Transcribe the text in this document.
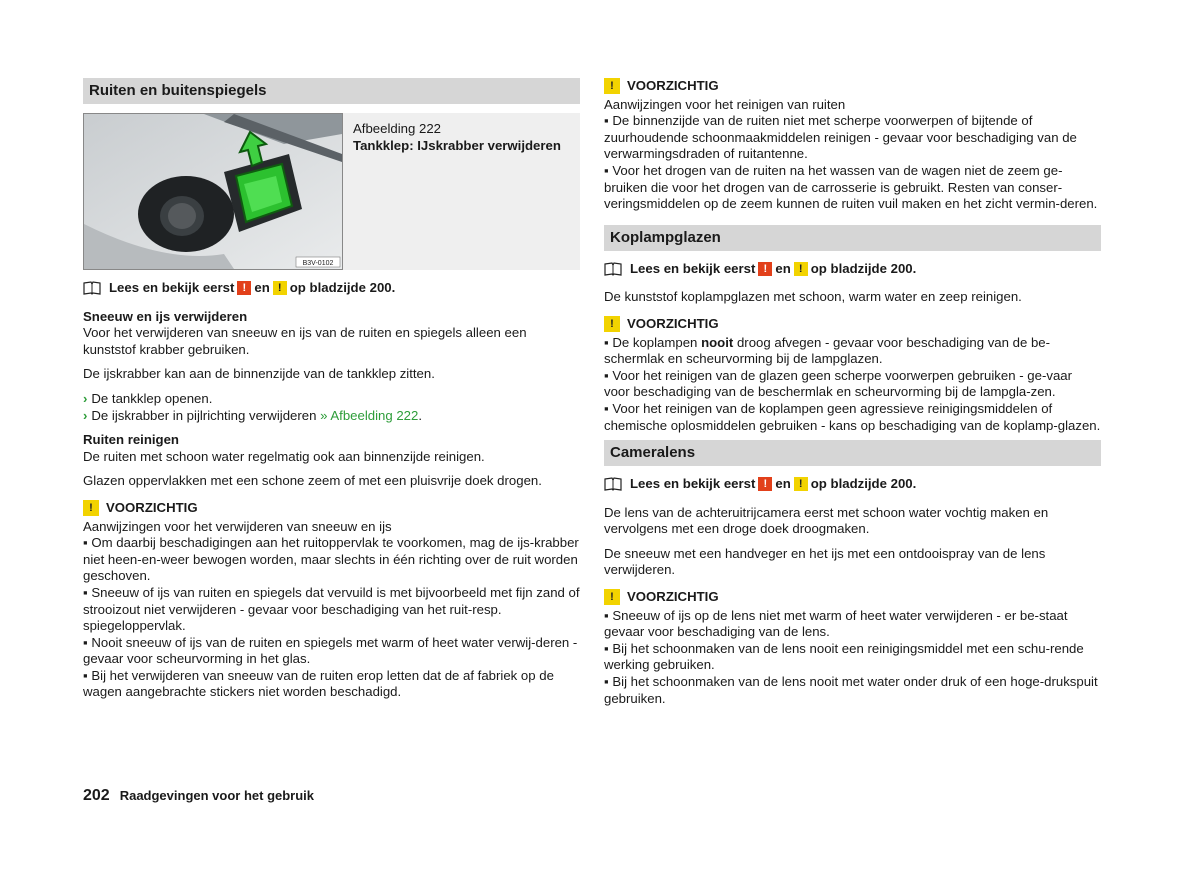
Ruiten en buitenspiegels
B3V-0102
Afbeelding 222
Tankklep: IJskrabber verwijderen
Lees en bekijk eerst ! en ! op bladzijde 200.

Sneeuw en ijs verwijderen

Voor het verwijderen van sneeuw en ijs van de ruiten en spiegels alleen een kunststof krabber gebruiken.

De ijskrabber kan aan de binnenzijde van de tankklep zitten.

› De tankklep openen.
› De ijskrabber in pijlrichting verwijderen » Afbeelding 222.

Ruiten reinigen

De ruiten met schoon water regelmatig ook aan binnenzijde reinigen.

Glazen oppervlakken met een schone zeem of met een pluisvrije doek drogen.

! VOORZICHTIG

Aanwijzingen voor het verwijderen van sneeuw en ijs

▪ Om daarbij beschadigingen aan het ruitoppervlak te voorkomen, mag de ijs-krabber niet heen-en-weer bewogen worden, maar slechts in één richting over de ruit worden geschoven.
▪ Sneeuw of ijs van ruiten en spiegels dat vervuild is met bijvoorbeeld met fijn zand of strooizout niet verwijderen - gevaar voor beschadiging van het ruit-resp. spiegeloppervlak.
▪ Nooit sneeuw of ijs van de ruiten en spiegels met warm of heet water verwij-deren - gevaar voor scheurvorming in het glas.
▪ Bij het verwijderen van sneeuw van de ruiten erop letten dat de af fabriek op de wagen aangebrachte stickers niet worden beschadigd.

! VOORZICHTIG

Aanwijzingen voor het reinigen van ruiten

▪ De binnenzijde van de ruiten niet met scherpe voorwerpen of bijtende of zuurhoudende schoonmaakmiddelen reinigen - gevaar voor beschadiging van de verwarmingsdraden of ruitantenne.
▪ Voor het drogen van de ruiten na het wassen van de wagen niet de zeem ge-bruiken die voor het drogen van de carrosserie is gebruikt. Resten van conser-veringsmiddelen op de zeem kunnen de ruiten vuil maken en het zicht vermin-deren.
Koplampglazen
Lees en bekijk eerst ! en ! op bladzijde 200.

De kunststof koplampglazen met schoon, warm water en zeep reinigen.

! VOORZICHTIG

▪ De koplampen nooit droog afvegen - gevaar voor beschadiging van de be-schermlak en scheurvorming bij de lampglazen.
▪ Voor het reinigen van de glazen geen scherpe voorwerpen gebruiken - ge-vaar voor beschadiging van de beschermlak en scheurvorming bij de lampgla-zen.
▪ Voor het reinigen van de koplampen geen agressieve reinigingsmiddelen of chemische oplosmiddelen gebruiken - kans op beschadiging van de koplamp-glazen.
Cameralens
Lees en bekijk eerst ! en ! op bladzijde 200.

De lens van de achteruitrijcamera eerst met schoon water vochtig maken en vervolgens met een droge doek droogmaken.

De sneeuw met een handveger en het ijs met een ontdooispray van de lens verwijderen.

! VOORZICHTIG

▪ Sneeuw of ijs op de lens niet met warm of heet water verwijderen - er be-staat gevaar voor beschadiging van de lens.
▪ Bij het schoonmaken van de lens nooit een reinigingsmiddel met een schu-rende werking gebruiken.
▪ Bij het schoonmaken van de lens nooit met water onder druk of een hoge-drukspuit gebruiken.
202 Raadgevingen voor het gebruik
